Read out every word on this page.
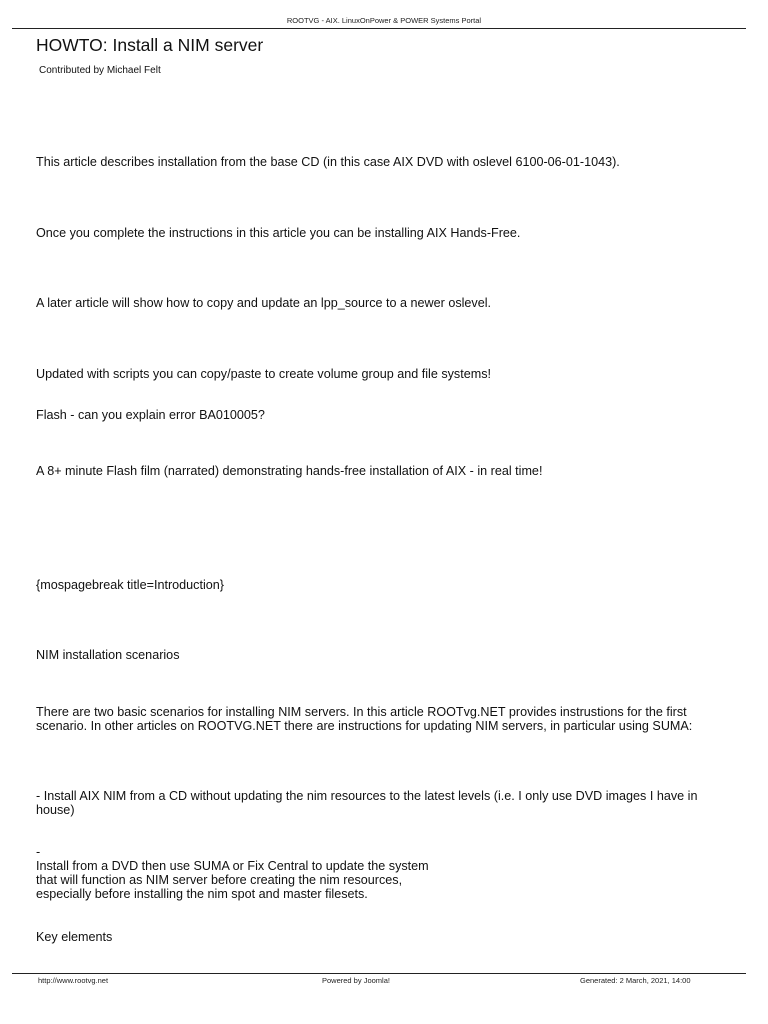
ROOTVG - AIX. LinuxOnPower & POWER Systems Portal
HOWTO: Install a NIM server
Contributed by Michael Felt

This article describes installation from the base CD (in this case AIX DVD with oslevel 6100-06-01-1043).

Once you complete the instructions in this article you can be installing AIX Hands-Free.

A later article will show how to copy and update an lpp_source to a newer oslevel.

Updated with scripts you can copy/paste to create volume group and file systems!

Flash - can you explain error BA010005?

A 8+ minute Flash film (narrated) demonstrating hands-free installation of AIX - in real time!

{mospagebreak title=Introduction}

NIM installation scenarios

There are two basic scenarios for installing NIM servers. In this article ROOTvg.NET provides instrustions for the first scenario. In other articles on ROOTVG.NET there are instructions for updating NIM servers, in particular using SUMA:

- Install AIX NIM from a CD without updating the nim resources to the latest levels (i.e. I only use DVD images I have in house)

-
Install from a DVD then use SUMA or Fix Central to update the system
that will function as NIM server before creating the nim resources,
especially before installing the nim spot and master filesets.

Key elements

http://www.rootvg.net	Powered by Joomla!	Generated: 2 March, 2021, 14:00
